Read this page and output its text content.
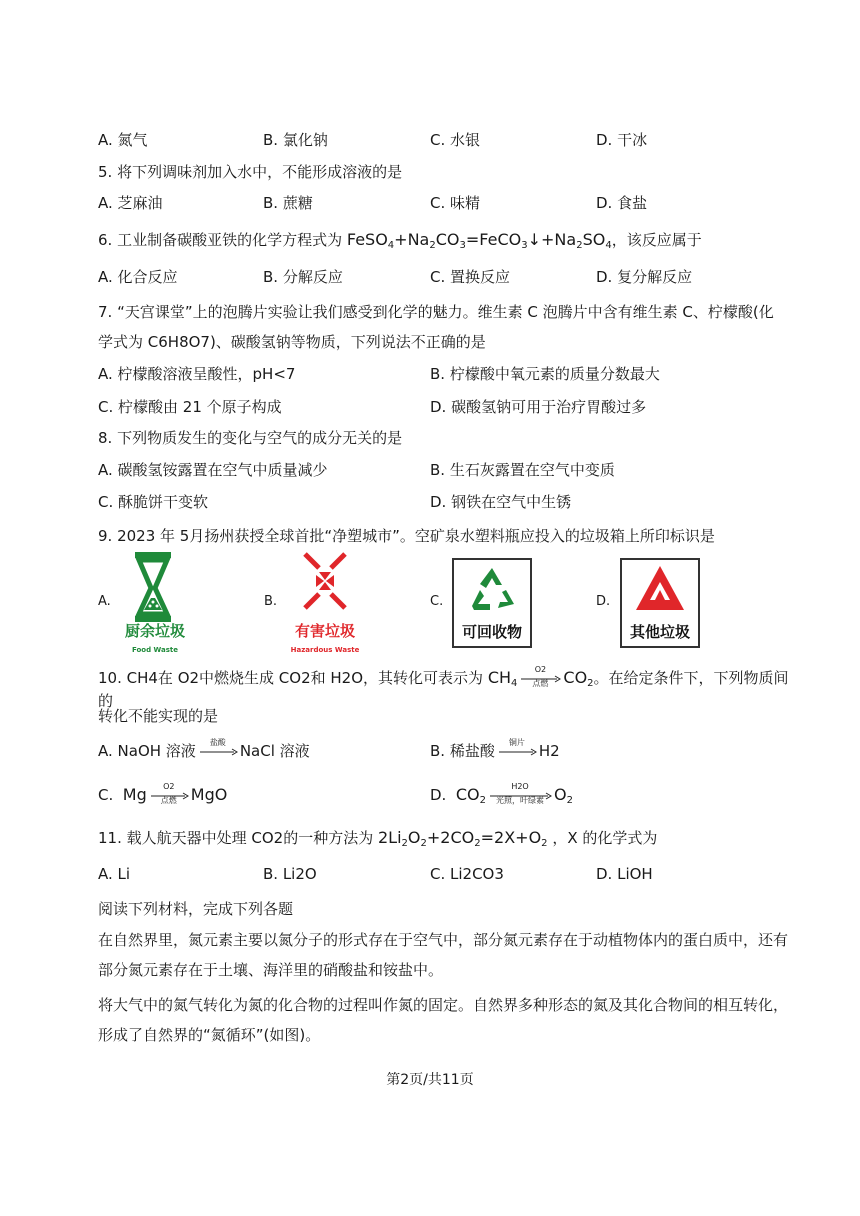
A. 氮气	B. 氯化钠	C. 水银	D. 干冰
5. 将下列调味剂加入水中，不能形成溶液的是
A. 芝麻油	B. 蔗糖	C. 味精	D. 食盐
6. 工业制备碳酸亚铁的化学方程式为 $FeSO_4+Na_2CO_3=FeCO_3↓+Na_2SO_4$，该反应属于
A. 化合反应	B. 分解反应	C. 置换反应	D. 复分解反应
7. “天宫课堂”上的泡腾片实验让我们感受到化学的魅力。维生素 C 泡腾片中含有维生素 C、柠檬酸(化
学式为 C6H8O7)、碳酸氢钠等物质，下列说法不正确的是
A. 柠檬酸溶液呈酸性，pH<7	B. 柠檬酸中氧元素的质量分数最大
C. 柠檬酸由 21 个原子构成	D. 碳酸氢钠可用于治疗胃酸过多
8. 下列物质发生的变化与空气的成分无关的是
A. 碳酸氢铵露置在空气中质量减少	B. 生石灰露置在空气中变质
C. 酥脆饼干变软	D. 钢铁在空气中生锈
9. 2023 年 5月扬州获授全球首批“净塑城市”。空矿泉水塑料瓶应投入的垃圾箱上所印标识是
A.	B.	C.	D.
厨余垃圾
Food Waste
有害垃圾
Hazardous Waste
可回收物	其他垃圾
10. CH4在 O2中燃烧生成 CO2和 H2O，其转化可表示为 $CH_4$
O2
点燃 $CO_2$。在给定条件下，下列物质间的
转化不能实现的是
A. NaOH 溶液	盐酸 NaCl 溶液	B. 稀盐酸	铜片 H2
C. Mg	O2
点燃 MgO	D. $CO_2$
H2O
光照，叶绿素 $O_2$
11. 载人航天器中处理 CO2的一种方法为 $2Li_2O_2+2CO_2=2X+O_2$ ，X 的化学式为
A. Li	B. Li2O	C. Li2CO3	D. LiOH
阅读下列材料，完成下列各题
在自然界里，氮元素主要以氮分子的形式存在于空气中，部分氮元素存在于动植物体内的蛋白质中，还有
部分氮元素存在于土壤、海洋里的硝酸盐和铵盐中。
将大气中的氮气转化为氮的化合物的过程叫作氮的固定。自然界多种形态的氮及其化合物间的相互转化，
形成了自然界的“氮循环”(如图)。
第2页/共11页
